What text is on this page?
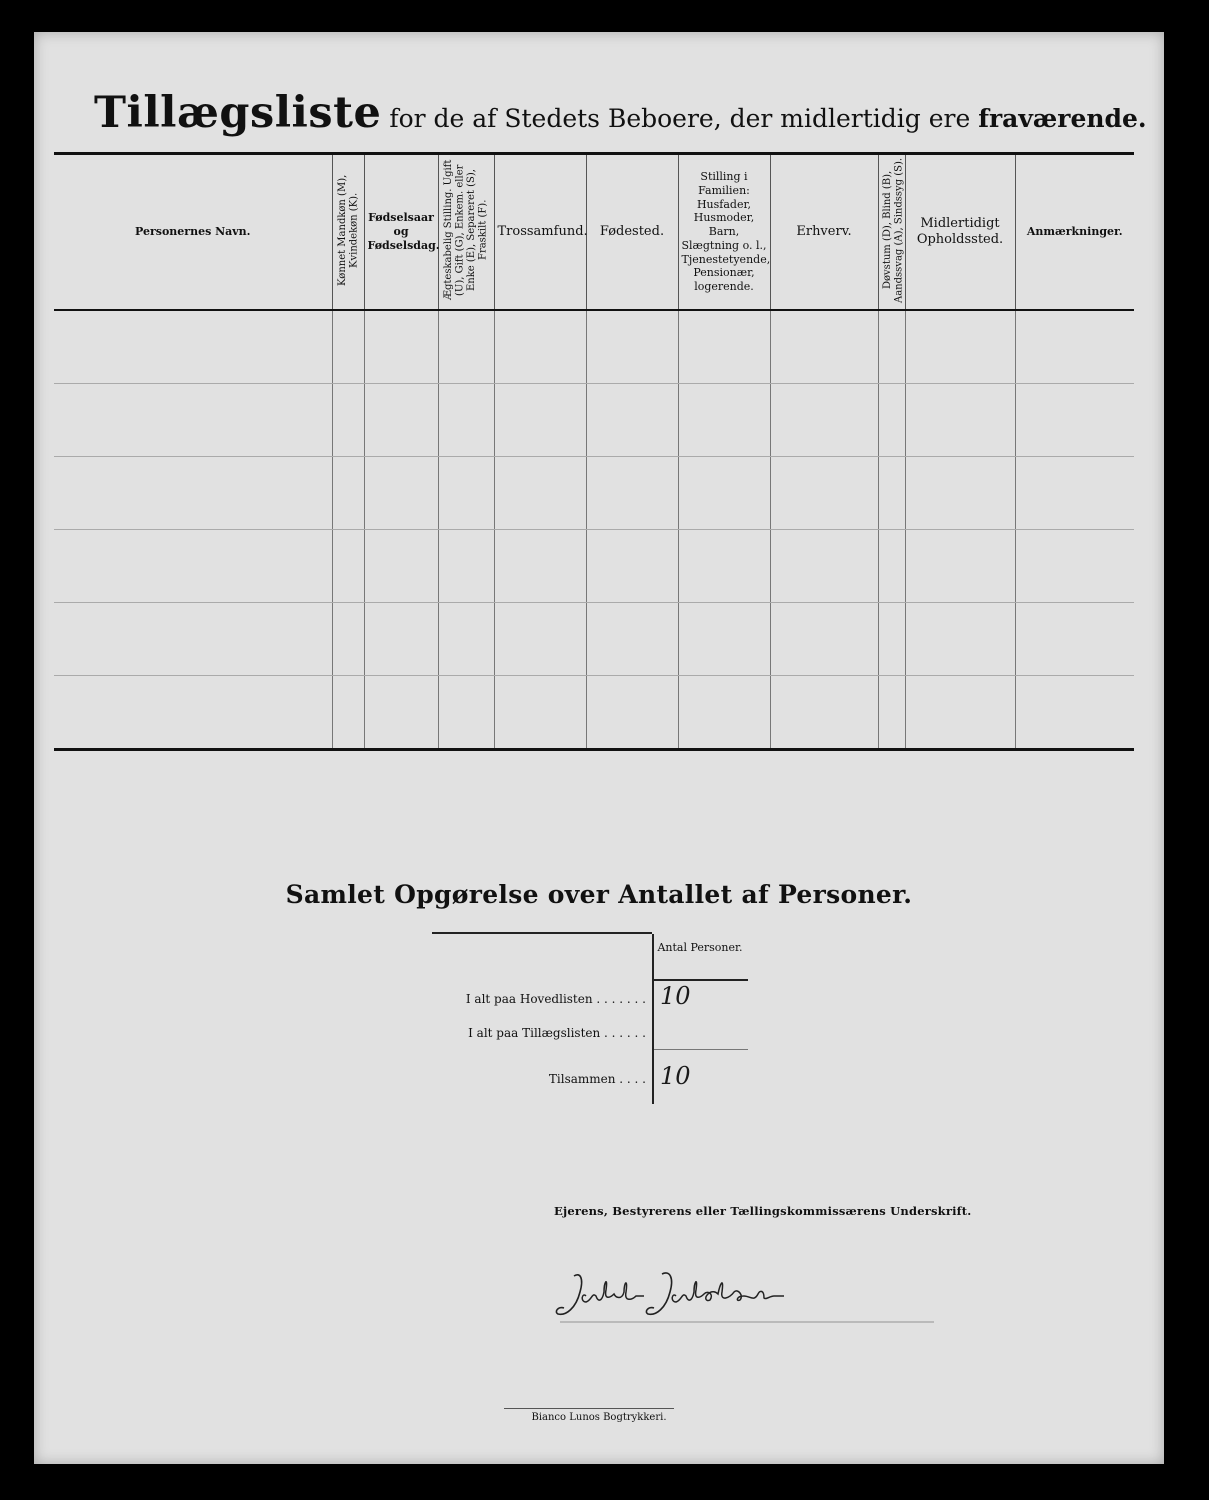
Tillægsliste for de af Stedets Beboere, der midlertidig ere fraværende.
Personernes Navn.	Kønnet Mandkøn (M), Kvindekøn (K).	Fødselsaar og Fødselsdag.	Ægteskabelig Stilling. Ugift (U), Gift (G), Enkem. eller Enke (E), Separeret (S), Fraskilt (F).	Trossamfund.	Fødested.	Stilling i Familien: Husfader, Husmoder, Barn, Slægtning o. l., Tjenestetyende, Pensionær, logerende.	Erhverv.	Døvstum (D), Blind (B), Aandssvag (A), Sindssyg (S).	Midlertidigt Opholdssted.	Anmærkninger.

Samlet Opgørelse over Antallet af Personer.
Antal Personer.
I alt paa Hovedlisten . . . . . . . 10
I alt paa Tillægslisten . . . . . .
Tilsammen . . . . 10
Ejerens, Bestyrerens eller Tællingskommissærens Underskrift.
Bianco Lunos Bogtrykkeri.
